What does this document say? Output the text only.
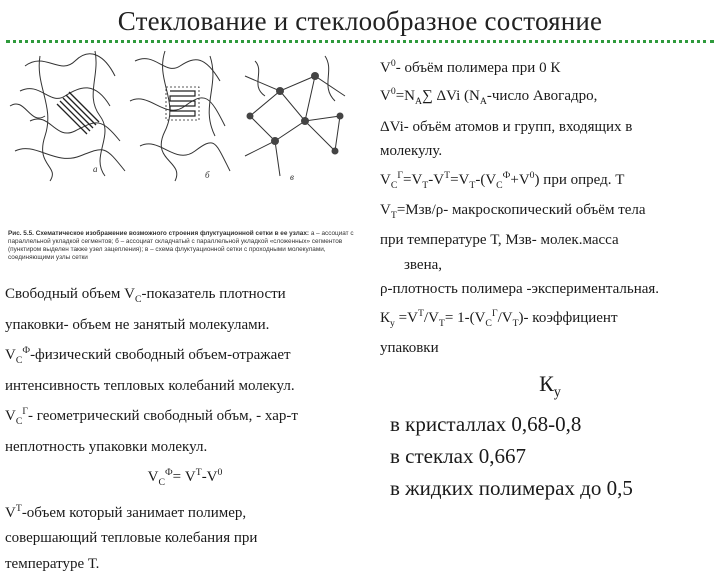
Стеклование и стеклообразное состояние
а
б	в
Рис. 5.5. Схематическое изображение возможного строения флуктуационной сетки в ее узлах: а – ассоциат с параллельной укладкой сегментов; б – ассоциат складчатый с параллельной укладкой «сложенных» сегментов (пунктиром выделен также узел зацепления); в – схема флуктуационной сетки с проходными молекулами, соединяющими узлы сетки
Свободный объем $V_С$-показатель плотности
упаковки- объем не занятый молекулами.
$V_С^Ф$-физический свободный объем-отражает
интенсивность тепловых колебаний молекул.
$V_С^Г-$ геометрический свободный объм, - хар-т
неплотность упаковки молекул.
$V_С^Ф= V^Т-V^0$
$V^Т$-объем который занимает полимер,
совершающий тепловые колебания при
температуре Т.
$V^0-$ объём полимера при 0 К
$V^0=N_A\sum$ ΔVi ($N_A$-число Авогадро,
ΔVi- объём атомов и групп, входящих в
молекулу.
$V_С^Г=V_Т-V^Т=V_Т-(V_С^Ф+V^0)$ при опред. Т
$V_Т=Мзв/\rho-$ макроскопический объём тела
при температуре Т, Мзв- молек.масса
звена,
ρ-плотность полимера -экспериментальная.
$К_у =V^Т/V_Т= 1-(V_С^Г/V_Т)-$ коэффициент
упаковки
$К_у$
в кристаллах 0,68-0,8
в стеклах 0,667
в жидких полимерах до 0,5
